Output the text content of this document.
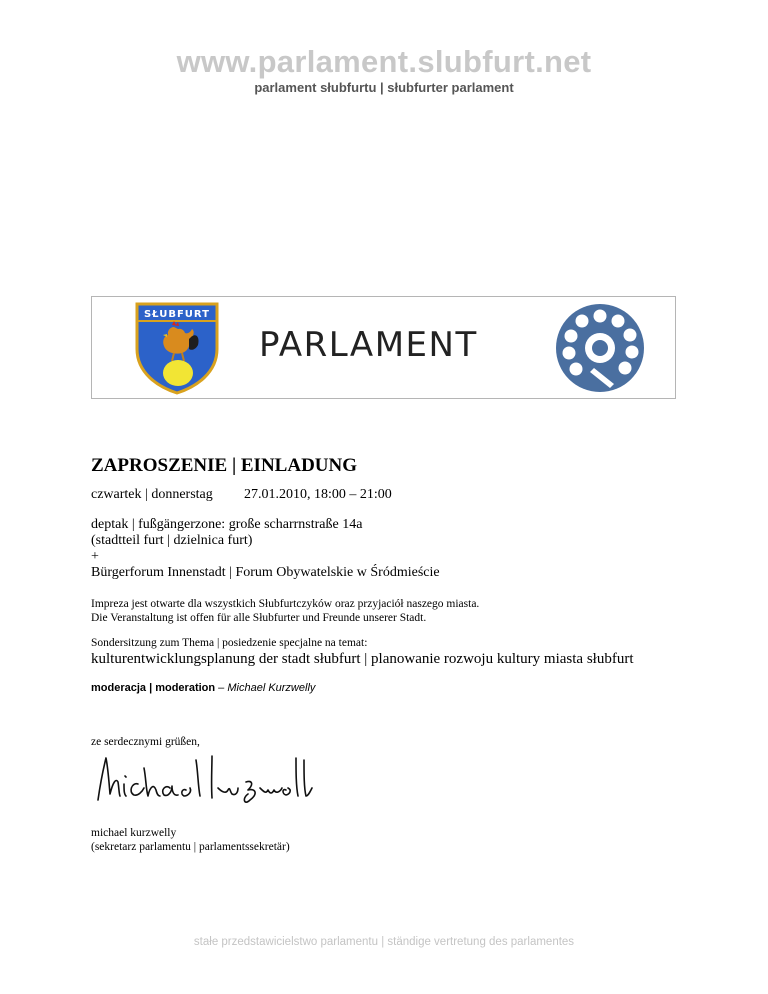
www.parlament.slubfurt.net
parlament słubfurtu | słubfurter parlament
SŁUBFURT
PARLAMENT
ZAPROSZENIE | EINLADUNG
czwartek | donnerstag 27.01.2010, 18:00 – 21:00
deptak | fußgängerzone: große scharrnstraße 14a
(stadtteil furt | dzielnica furt)
+
Bürgerforum Innenstadt | Forum Obywatelskie w Śródmieście
Impreza jest otwarte dla wszystkich Słubfurtczyków oraz przyjaciół naszego miasta.
Die Veranstaltung ist offen für alle Słubfurter und Freunde unserer Stadt.
Sondersitzung zum Thema | posiedzenie specjalne na temat:
kulturentwicklungsplanung der stadt słubfurt | planowanie rozwoju kultury miasta słubfurt
moderacja | moderation – Michael Kurzwelly
ze serdecznymi grüßen,
michael kurzwelly
(sekretarz parlamentu | parlamentssekretär)
stałe przedstawicielstwo parlamentu | ständige vertretung des parlamentes
